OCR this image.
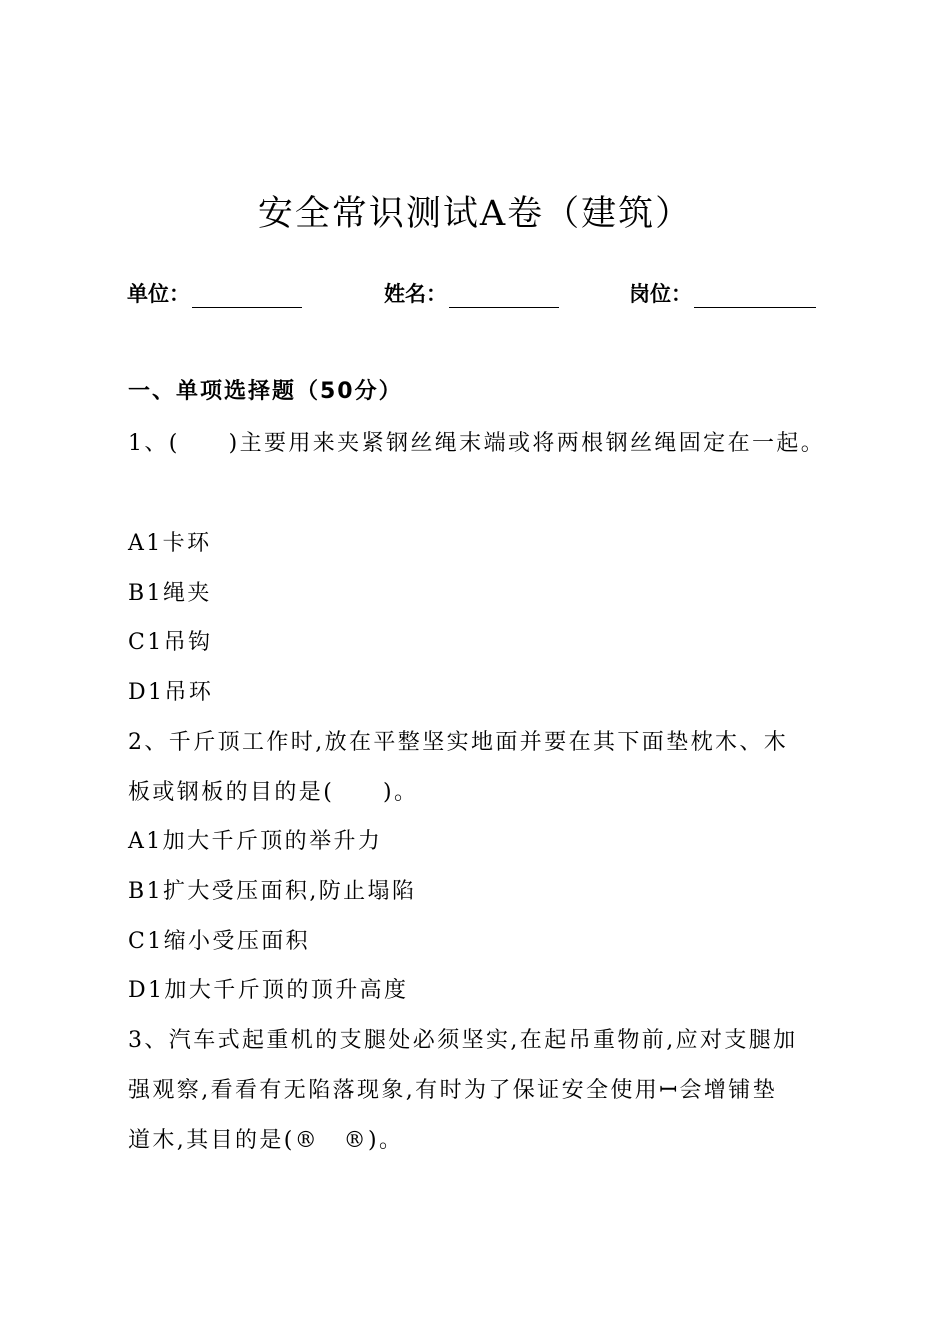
安全常识测试A卷（建筑）
单位：	姓名：	岗位：
一、单项选择题（50分）
1、(　　)主要用来夹紧钢丝绳末端或将两根钢丝绳固定在一起。
A1卡环
B1绳夹
C1吊钩
D1吊环
2、千斤顶工作时,放在平整坚实地面并要在其下面垫枕木、木
板或钢板的目的是(　　)。
A1加大千斤顶的举升力
B1扩大受压面积,防止塌陷
C1缩小受压面积
D1加大千斤顶的顶升高度
3、汽车式起重机的支腿处必须坚实,在起吊重物前,应对支腿加
强观察,看看有无陷落现象,有时为了保证安全使用ꟷ会增铺垫
道木,其目的是(®　®)。
